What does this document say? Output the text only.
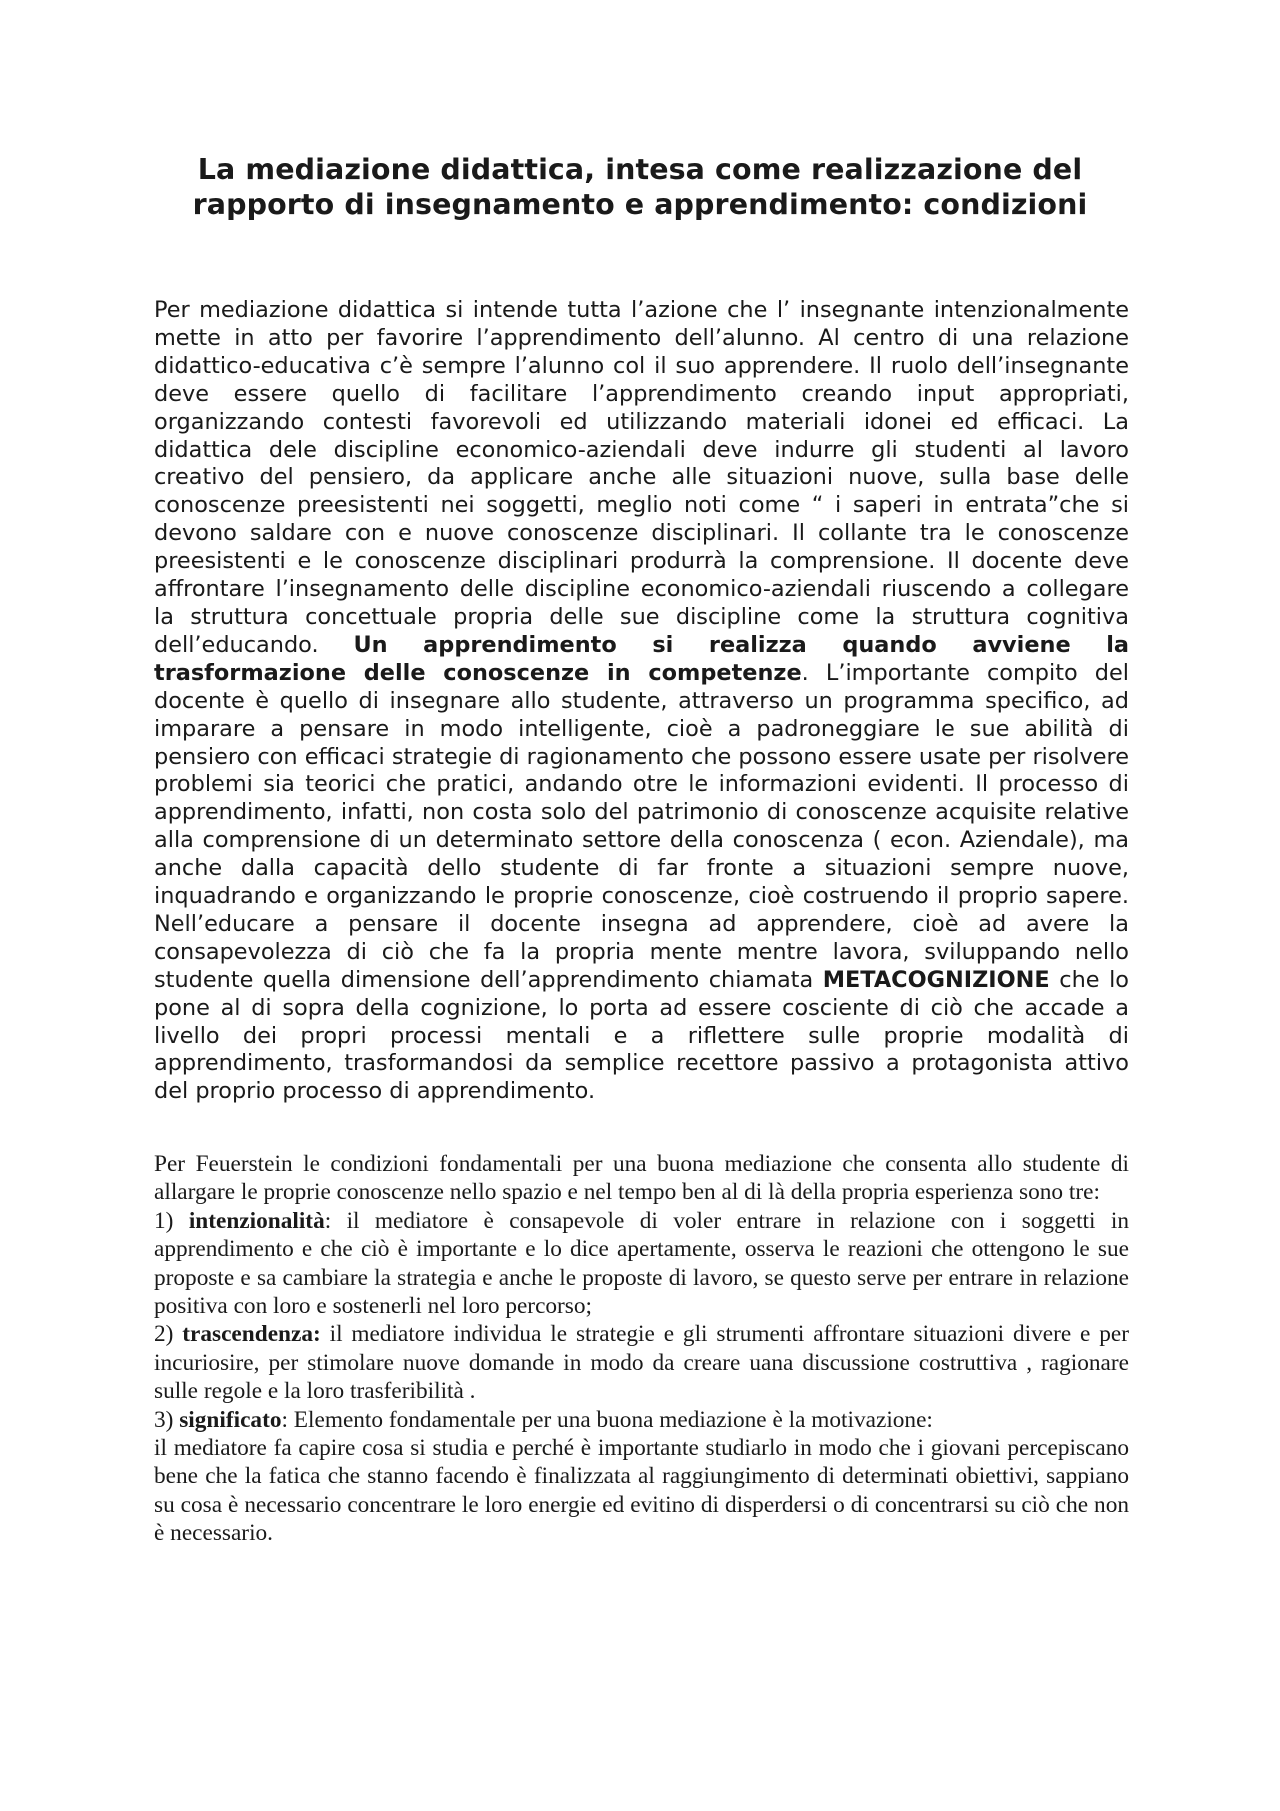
La mediazione didattica, intesa come realizzazione del
rapporto di insegnamento e apprendimento: condizioni

Per mediazione didattica si intende tutta l’azione che l’ insegnante intenzionalmente mette in atto per favorire l’apprendimento dell’alunno. Al centro di una relazione didattico-educativa c’è sempre l’alunno col il suo apprendere. Il ruolo dell’insegnante deve essere quello di facilitare l’apprendimento creando input appropriati, organizzando contesti favorevoli ed utilizzando materiali idonei ed efficaci. La didattica dele discipline economico-aziendali deve indurre gli studenti al lavoro creativo del pensiero, da applicare anche alle situazioni nuove, sulla base delle conoscenze preesistenti nei soggetti, meglio noti come “ i saperi in entrata”che si devono saldare con e nuove conoscenze disciplinari. Il collante tra le conoscenze preesistenti e le conoscenze disciplinari produrrà la comprensione. Il docente deve affrontare l’insegnamento delle discipline economico-aziendali riuscendo a collegare la struttura concettuale propria delle sue discipline come la struttura cognitiva dell’educando. Un apprendimento si realizza quando avviene la trasformazione delle conoscenze in competenze. L’importante compito del docente è quello di insegnare allo studente, attraverso un programma specifico, ad imparare a pensare in modo intelligente, cioè a padroneggiare le sue abilità di pensiero con efficaci strategie di ragionamento che possono essere usate per risolvere problemi sia teorici che pratici, andando otre le informazioni evidenti. Il processo di apprendimento, infatti, non costa solo del patrimonio di conoscenze acquisite relative alla comprensione di un determinato settore della conoscenza ( econ. Aziendale), ma anche dalla capacità dello studente di far fronte a situazioni sempre nuove, inquadrando e organizzando le proprie conoscenze, cioè costruendo il proprio sapere. Nell’educare a pensare il docente insegna ad apprendere, cioè ad avere la consapevolezza di ciò che fa la propria mente mentre lavora, sviluppando nello studente quella dimensione dell’apprendimento chiamata METACOGNIZIONE che lo pone al di sopra della cognizione, lo porta ad essere cosciente di ciò che accade a livello dei propri processi mentali e a riflettere sulle proprie modalità di apprendimento, trasformandosi da semplice recettore passivo a protagonista attivo del proprio processo di apprendimento.

Per Feuerstein le condizioni fondamentali per una buona mediazione che consenta allo studente di allargare le proprie conoscenze nello spazio e nel tempo ben al di là della propria esperienza sono tre:

1) intenzionalità: il mediatore è consapevole di voler entrare in relazione con i soggetti in apprendimento e che ciò è importante e lo dice apertamente, osserva le reazioni che ottengono le sue proposte e sa cambiare la strategia e anche le proposte di lavoro, se questo serve per entrare in relazione positiva con loro e sostenerli nel loro percorso;

2) trascendenza: il mediatore individua le strategie e gli strumenti affrontare situazioni divere e per incuriosire, per stimolare nuove domande in modo da creare uana discussione costruttiva , ragionare sulle regole e la loro trasferibilità .

3) significato: Elemento fondamentale per una buona mediazione è la motivazione:

il mediatore fa capire cosa si studia e perché è importante studiarlo in modo che i giovani percepiscano bene che la fatica che stanno facendo è finalizzata al raggiungimento di determinati obiettivi, sappiano su cosa è necessario concentrare le loro energie ed evitino di disperdersi o di concentrarsi su ciò che non è necessario.
